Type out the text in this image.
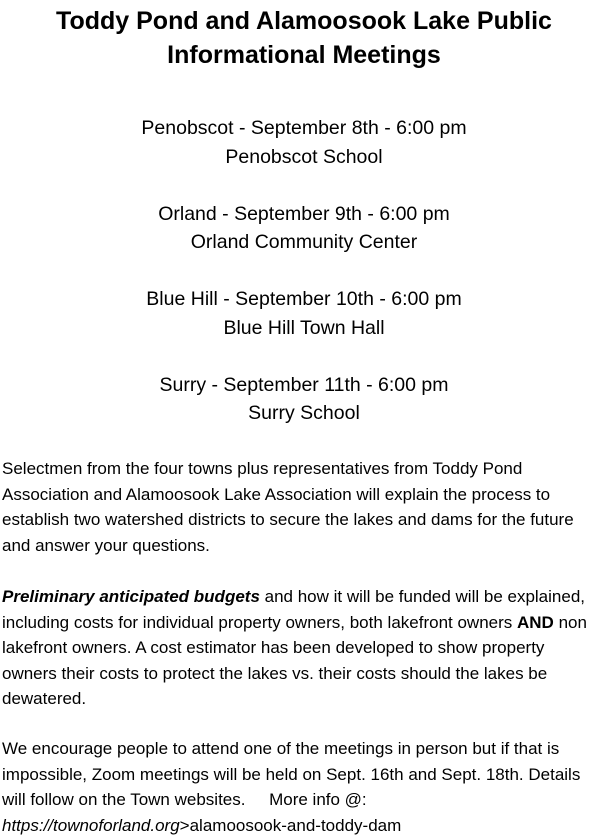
Toddy Pond and Alamoosook Lake Public
Informational Meetings
Penobscot - September 8th - 6:00 pm
Penobscot School
Orland - September 9th - 6:00 pm
Orland Community Center
Blue Hill - September 10th - 6:00 pm
Blue Hill Town Hall
Surry - September 11th - 6:00 pm
Surry School

Selectmen from the four towns plus representatives from Toddy Pond Association and Alamoosook Lake Association will explain the process to establish two watershed districts to secure the lakes and dams for the future and answer your questions.

Preliminary anticipated budgets and how it will be funded will be explained, including costs for individual property owners, both lakefront owners AND non lakefront owners. A cost estimator has been developed to show property owners their costs to protect the lakes vs. their costs should the lakes be dewatered.

We encourage people to attend one of the meetings in person but if that is impossible, Zoom meetings will be held on Sept. 16th and Sept. 18th. Details will follow on the Town websites.     More info @: https://townoforland.org>alamoosook-and-toddy-dam
